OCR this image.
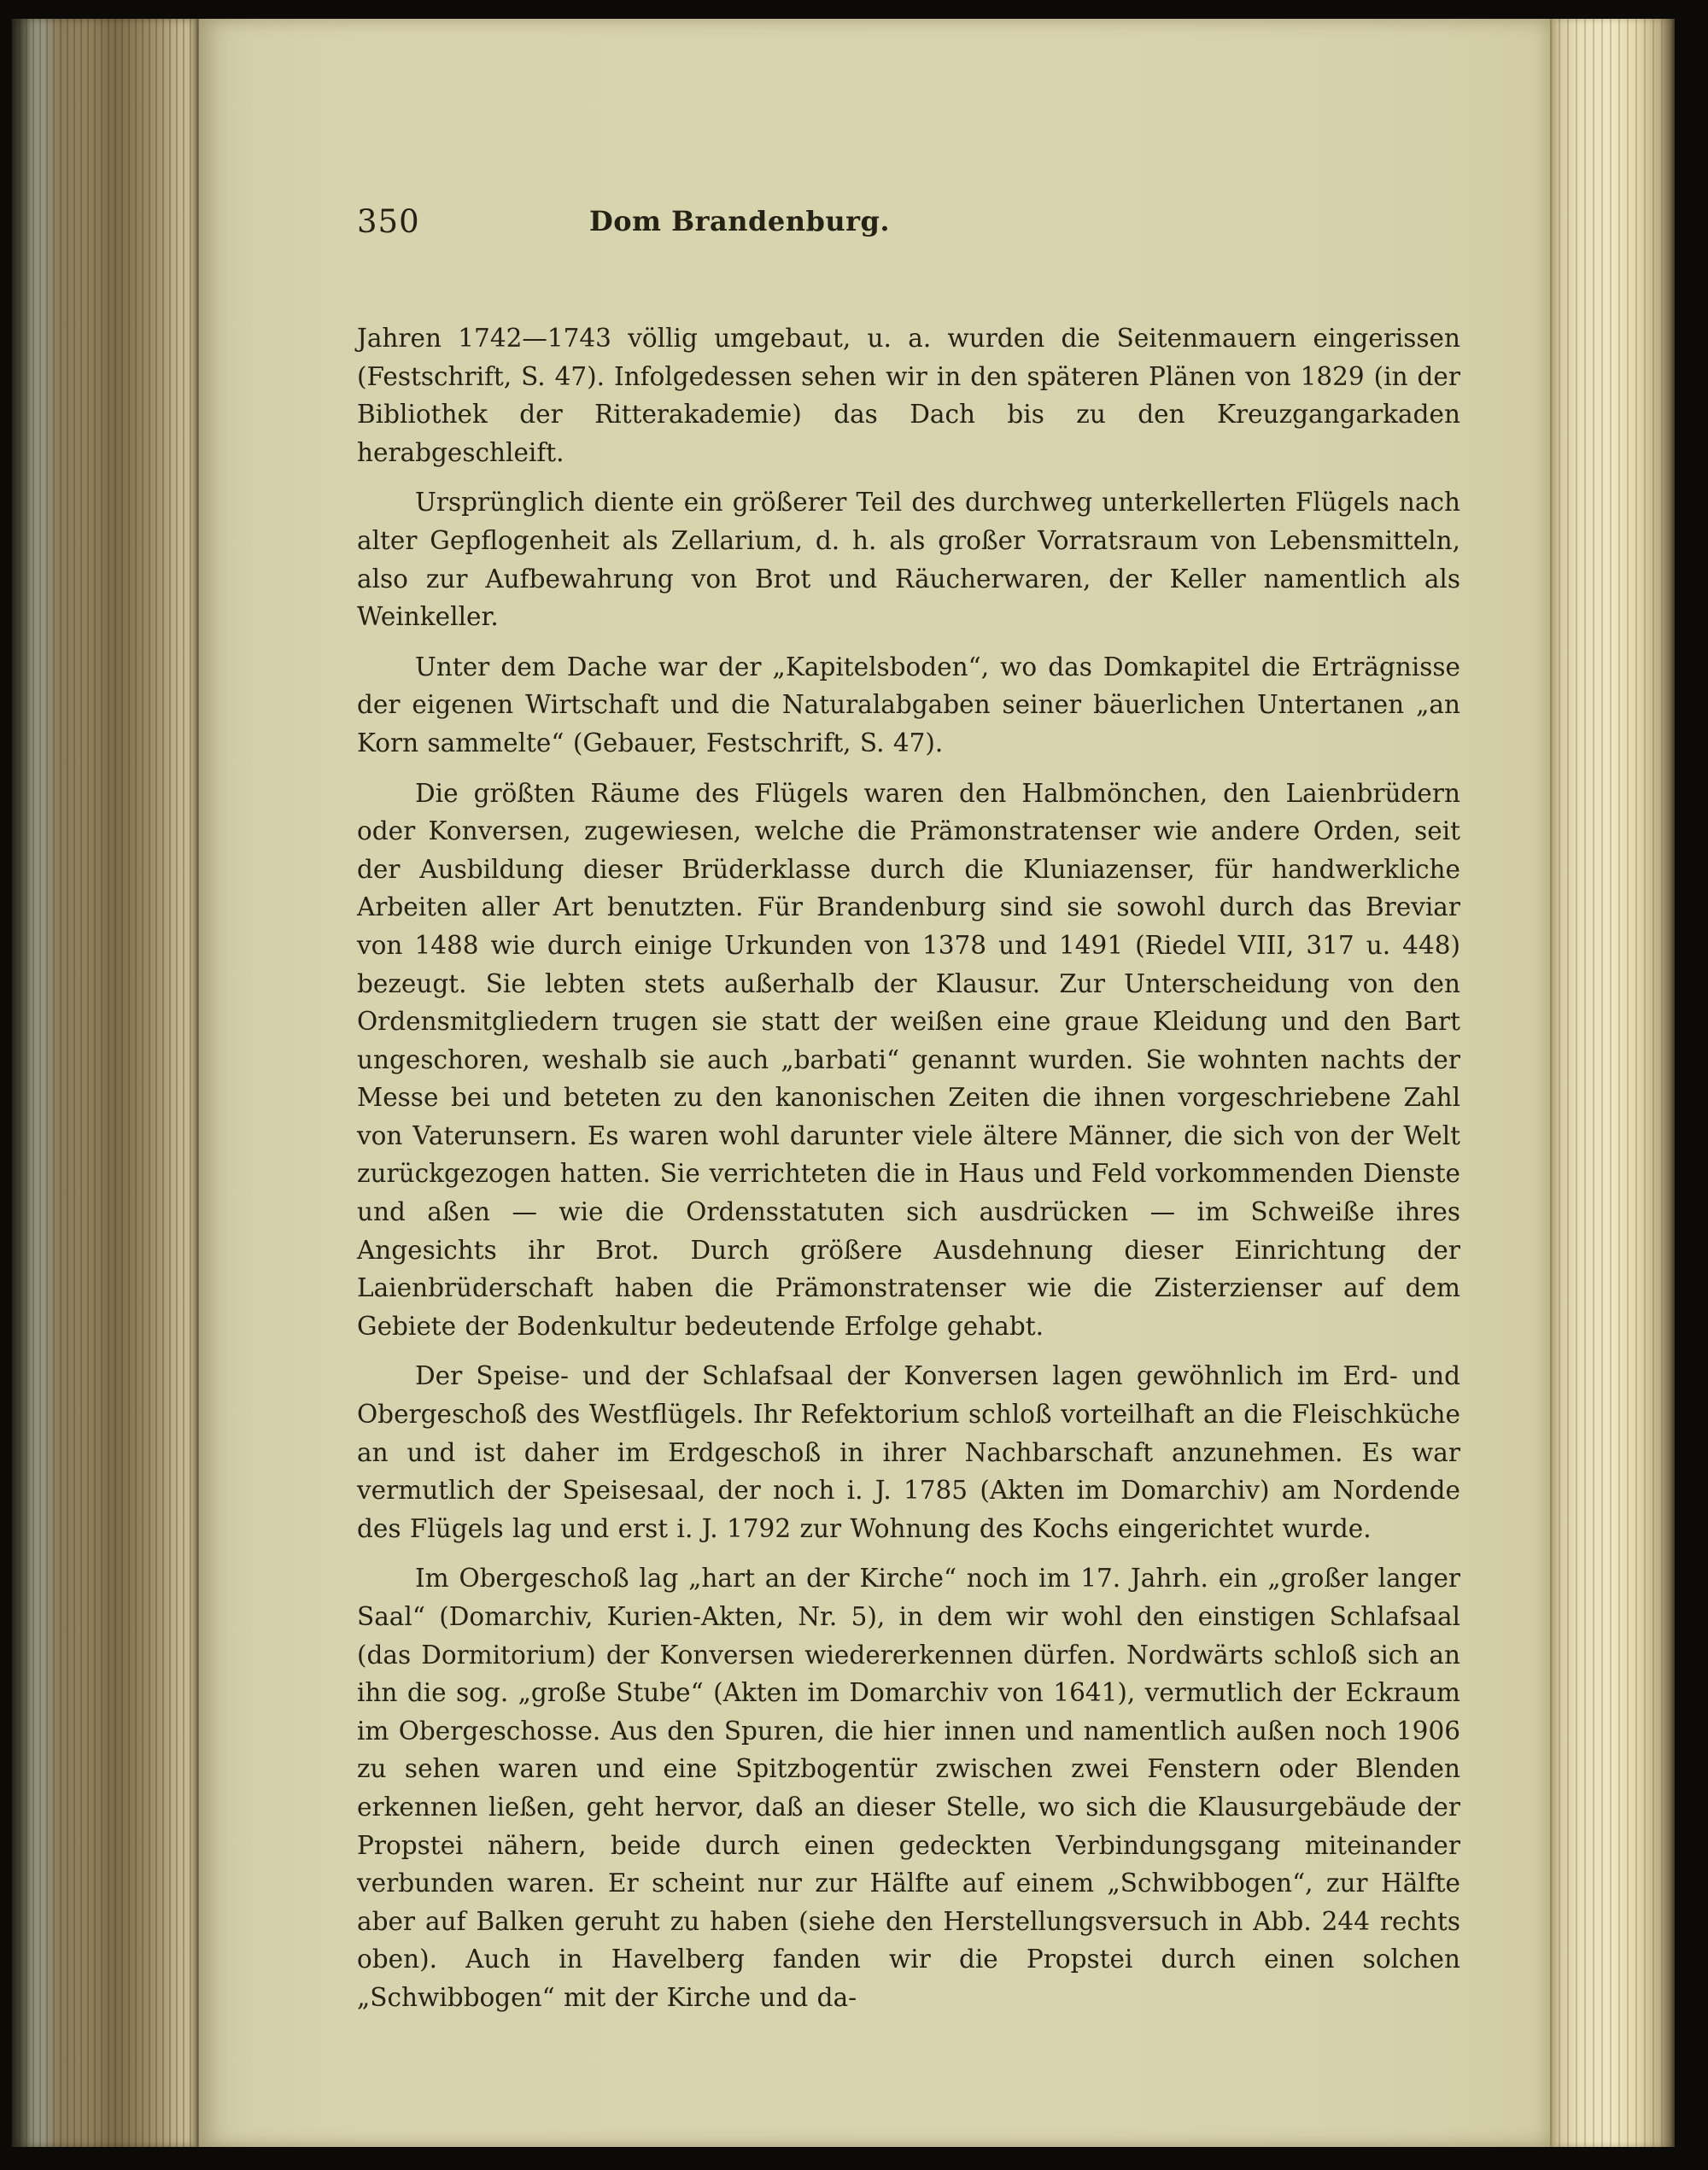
350	Dom Brandenburg.

Jahren 1742—1743 völlig umgebaut, u. a. wurden die Seitenmauern eingerissen (Festschrift, S. 47). Infolgedessen sehen wir in den späteren Plänen von 1829 (in der Bibliothek der Ritterakademie) das Dach bis zu den Kreuzgangarkaden herabgeschleift.

Ursprünglich diente ein größerer Teil des durchweg unterkellerten Flügels nach alter Gepflogenheit als Zellarium, d. h. als großer Vorratsraum von Lebensmitteln, also zur Aufbewahrung von Brot und Räucherwaren, der Keller namentlich als Weinkeller.

Unter dem Dache war der „Kapitelsboden“, wo das Domkapitel die Erträgnisse der eigenen Wirtschaft und die Naturalabgaben seiner bäuerlichen Untertanen „an Korn sammelte“ (Gebauer, Festschrift, S. 47).

Die größten Räume des Flügels waren den Halbmönchen, den Laienbrüdern oder Konversen, zugewiesen, welche die Prämonstratenser wie andere Orden, seit der Ausbildung dieser Brüderklasse durch die Kluniazenser, für handwerkliche Arbeiten aller Art benutzten. Für Brandenburg sind sie sowohl durch das Breviar von 1488 wie durch einige Urkunden von 1378 und 1491 (Riedel VIII, 317 u. 448) bezeugt. Sie lebten stets außerhalb der Klausur. Zur Unterscheidung von den Ordensmitgliedern trugen sie statt der weißen eine graue Kleidung und den Bart ungeschoren, weshalb sie auch „barbati“ genannt wurden. Sie wohnten nachts der Messe bei und beteten zu den kanonischen Zeiten die ihnen vorgeschriebene Zahl von Vaterunsern. Es waren wohl darunter viele ältere Männer, die sich von der Welt zurückgezogen hatten. Sie verrichteten die in Haus und Feld vorkommenden Dienste und aßen — wie die Ordensstatuten sich ausdrücken — im Schweiße ihres Angesichts ihr Brot. Durch größere Ausdehnung dieser Einrichtung der Laienbrüderschaft haben die Prämonstratenser wie die Zisterzienser auf dem Gebiete der Bodenkultur bedeutende Erfolge gehabt.

Der Speise- und der Schlafsaal der Konversen lagen gewöhnlich im Erd- und Obergeschoß des Westflügels. Ihr Refektorium schloß vorteilhaft an die Fleischküche an und ist daher im Erdgeschoß in ihrer Nachbarschaft anzunehmen. Es war vermutlich der Speisesaal, der noch i. J. 1785 (Akten im Domarchiv) am Nordende des Flügels lag und erst i. J. 1792 zur Wohnung des Kochs eingerichtet wurde.

Im Obergeschoß lag „hart an der Kirche“ noch im 17. Jahrh. ein „großer langer Saal“ (Domarchiv, Kurien-Akten, Nr. 5), in dem wir wohl den einstigen Schlafsaal (das Dormitorium) der Konversen wiedererkennen dürfen. Nordwärts schloß sich an ihn die sog. „große Stube“ (Akten im Domarchiv von 1641), vermutlich der Eckraum im Obergeschosse. Aus den Spuren, die hier innen und namentlich außen noch 1906 zu sehen waren und eine Spitzbogentür zwischen zwei Fenstern oder Blenden erkennen ließen, geht hervor, daß an dieser Stelle, wo sich die Klausurgebäude der Propstei nähern, beide durch einen gedeckten Verbindungsgang miteinander verbunden waren. Er scheint nur zur Hälfte auf einem „Schwibbogen“, zur Hälfte aber auf Balken geruht zu haben (siehe den Herstellungsversuch in Abb. 244 rechts oben). Auch in Havelberg fanden wir die Propstei durch einen solchen „Schwibbogen“ mit der Kirche und da-
